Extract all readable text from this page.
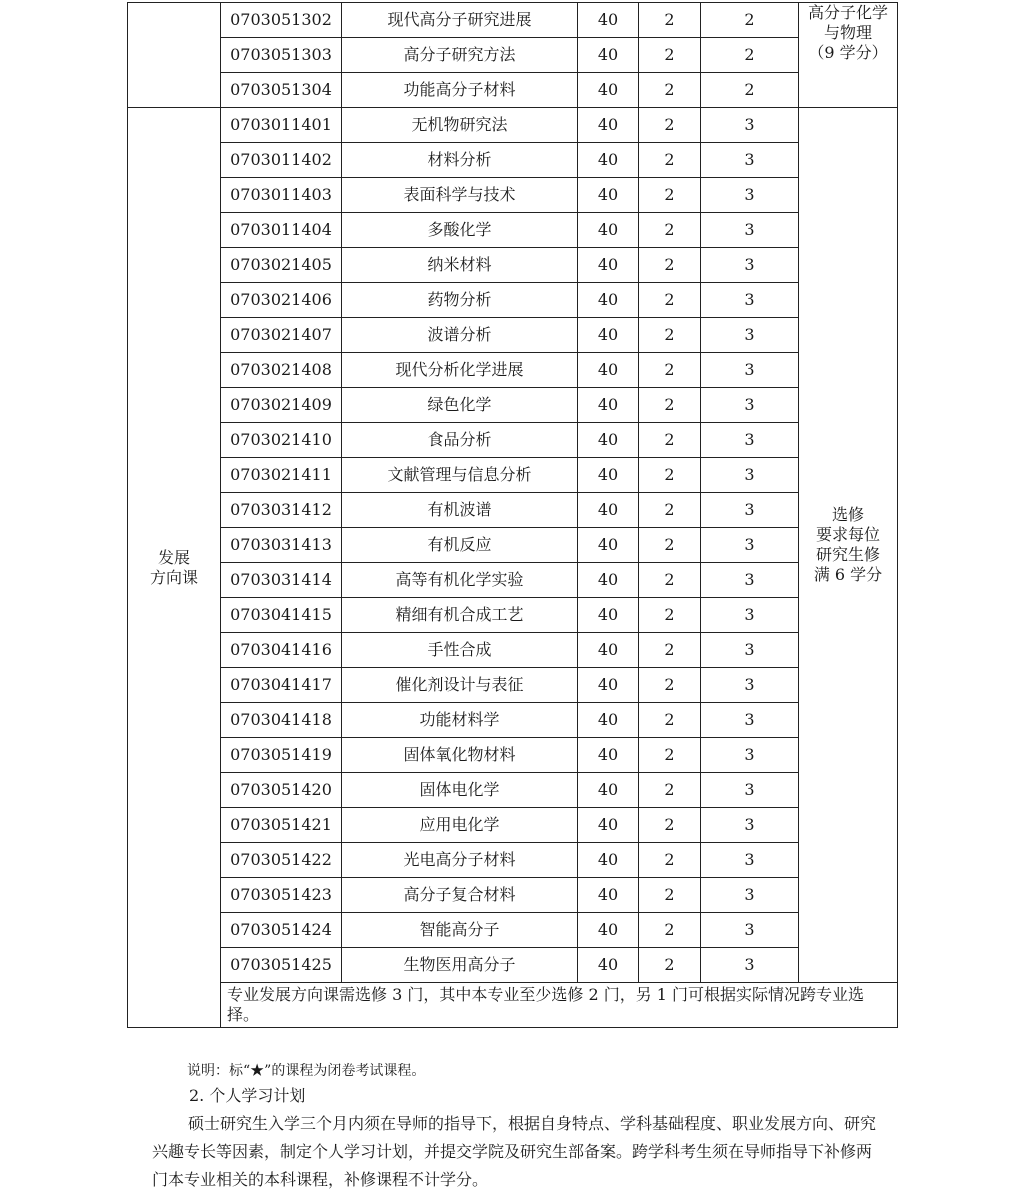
	0703051302	现代高分子研究进展	40	2	2	高分子化学
与物理
（9 学分）
	0703051303	高分子研究方法	40	2	2	
	0703051304	功能高分子材料	40	2	2	
发展
方向课	0703011401	无机物研究法	40	2	3	选修
要求每位
研究生修
满 6 学分
	0703011402	材料分析	40	2	3	
	0703011403	表面科学与技术	40	2	3	
	0703011404	多酸化学	40	2	3	
	0703021405	纳米材料	40	2	3	
	0703021406	药物分析	40	2	3	
	0703021407	波谱分析	40	2	3	
	0703021408	现代分析化学进展	40	2	3	
	0703021409	绿色化学	40	2	3	
	0703021410	食品分析	40	2	3	
	0703021411	文献管理与信息分析	40	2	3	
	0703031412	有机波谱	40	2	3	
	0703031413	有机反应	40	2	3	
	0703031414	高等有机化学实验	40	2	3	
	0703041415	精细有机合成工艺	40	2	3	
	0703041416	手性合成	40	2	3	
	0703041417	催化剂设计与表征	40	2	3	
	0703041418	功能材料学	40	2	3	
	0703051419	固体氧化物材料	40	2	3	
	0703051420	固体电化学	40	2	3	
	0703051421	应用电化学	40	2	3	
	0703051422	光电高分子材料	40	2	3	
	0703051423	高分子复合材料	40	2	3	
	0703051424	智能高分子	40	2	3	
	0703051425	生物医用高分子	40	2	3	
	专业发展方向课需选修 3 门，其中本专业至少选修 2 门，另 1 门可根据实际情况跨专业选择。					
说明：标“★”的课程为闭卷考试课程。
2. 个人学习计划

硕士研究生入学三个月内须在导师的指导下，根据自身特点、学科基础程度、职业发展方向、研究兴趣专长等因素，制定个人学习计划，并提交学院及研究生部备案。跨学科考生须在导师指导下补修两门本专业相关的本科课程，补修课程不计学分。
